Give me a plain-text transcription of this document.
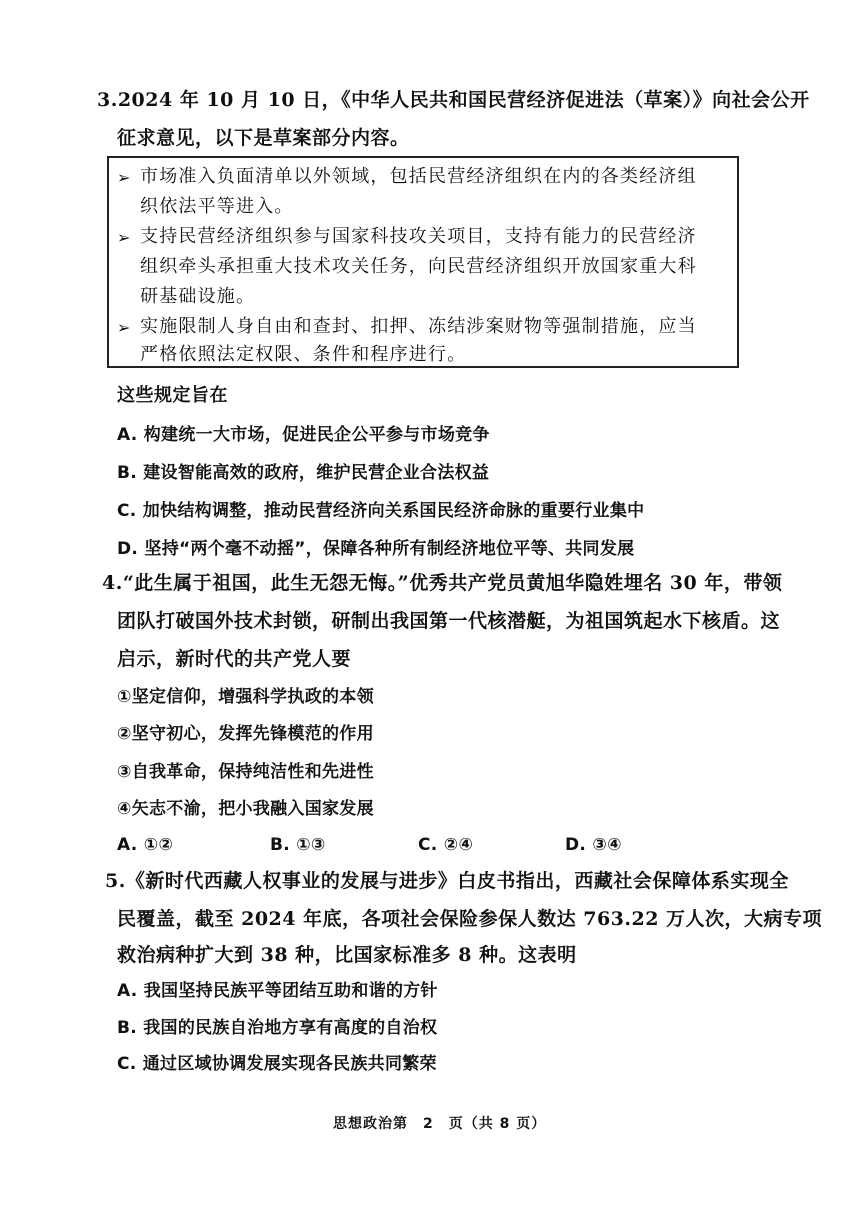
3.2024 年 10 月 10 日，《中华人民共和国民营经济促进法（草案）》向社会公开
征求意见，以下是草案部分内容。
➢ 市场准入负面清单以外领域，包括民营经济组织在内的各类经济组
织依法平等进入。
➢ 支持民营经济组织参与国家科技攻关项目，支持有能力的民营经济
组织牵头承担重大技术攻关任务，向民营经济组织开放国家重大科
研基础设施。
➢ 实施限制人身自由和查封、扣押、冻结涉案财物等强制措施，应当
严格依照法定权限、条件和程序进行。
这些规定旨在
A. 构建统一大市场，促进民企公平参与市场竞争
B. 建设智能高效的政府，维护民营企业合法权益
C. 加快结构调整，推动民营经济向关系国民经济命脉的重要行业集中
D. 坚持“两个毫不动摇”，保障各种所有制经济地位平等、共同发展
4.“此生属于祖国，此生无怨无悔。”优秀共产党员黄旭华隐姓埋名 30 年，带领
团队打破国外技术封锁，研制出我国第一代核潜艇，为祖国筑起水下核盾。这
启示，新时代的共产党人要
①坚定信仰，增强科学执政的本领
②坚守初心，发挥先锋模范的作用
③自我革命，保持纯洁性和先进性
④矢志不渝，把小我融入国家发展
A. ①②	B. ①③	C. ②④	D. ③④
5.《新时代西藏人权事业的发展与进步》白皮书指出，西藏社会保障体系实现全
民覆盖，截至 2024 年底，各项社会保险参保人数达 763.22 万人次，大病专项
救治病种扩大到 38 种，比国家标准多 8 种。这表明
A. 我国坚持民族平等团结互助和谐的方针
B. 我国的民族自治地方享有高度的自治权
C. 通过区域协调发展实现各民族共同繁荣
思想政治第　2　页（共 8 页）
